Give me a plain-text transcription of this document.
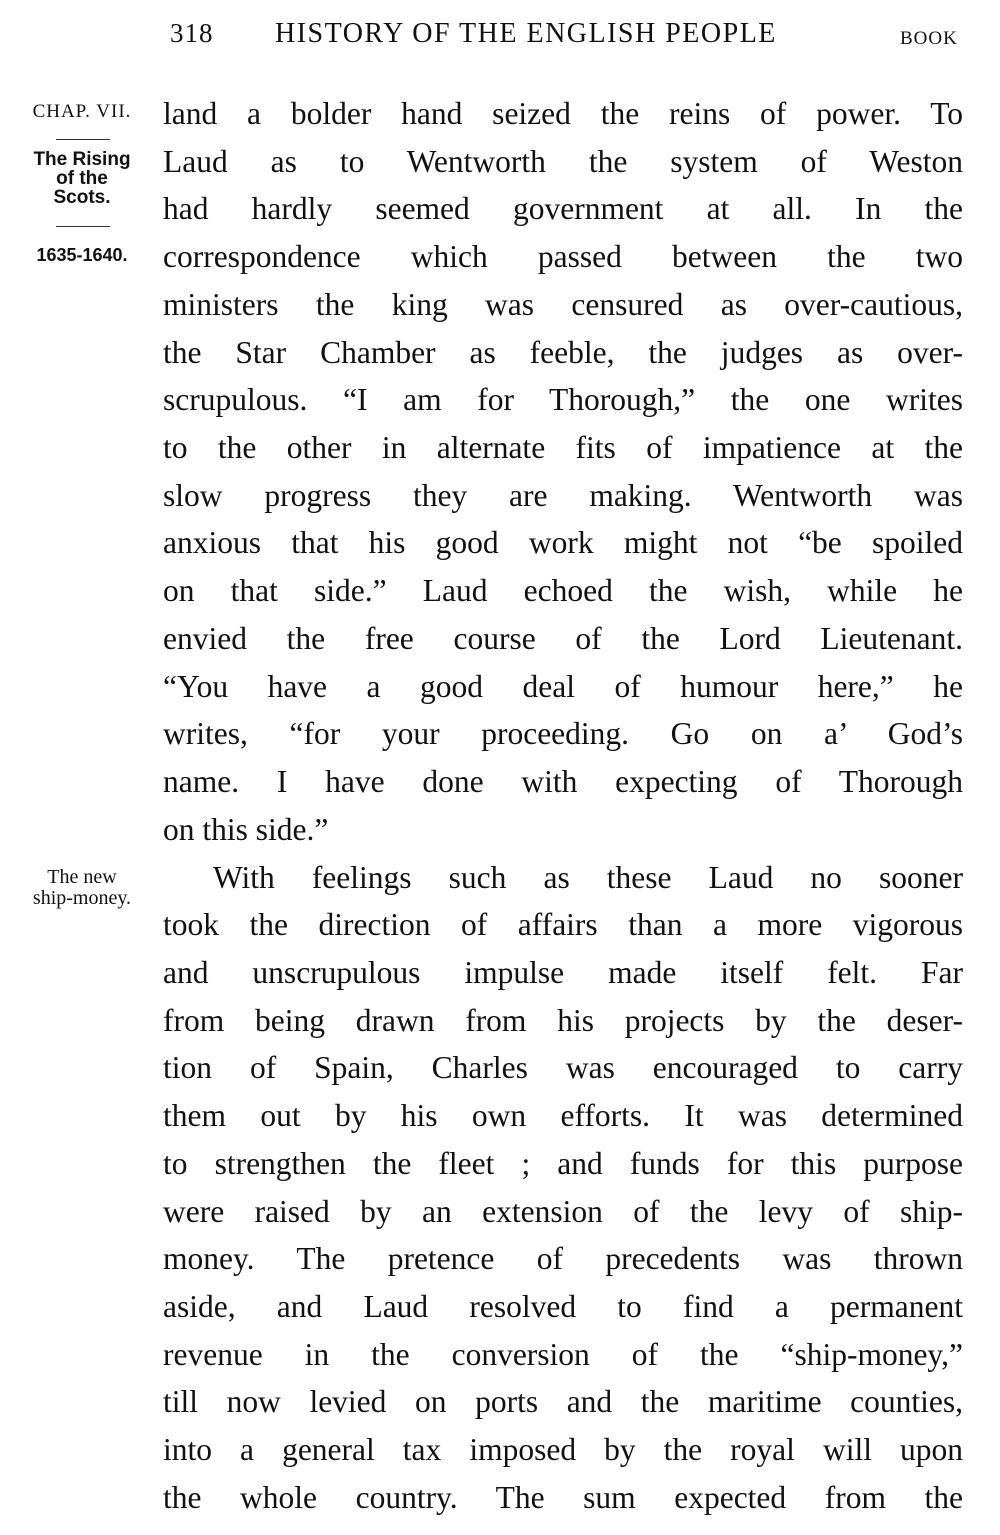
318 HISTORY OF THE ENGLISH PEOPLE	BOOK
CHAP. VII.
The Rising
of the
Scots.
1635-1640.
The new
ship-money.
land a bolder hand seized the reins of power. To
Laud as to Wentworth the system of Weston
had hardly seemed government at all. In the
correspondence which passed between the two
ministers the king was censured as over-cautious,
the Star Chamber as feeble, the judges as over-
scrupulous. “I am for Thorough,” the one writes
to the other in alternate fits of impatience at the
slow progress they are making. Wentworth was
anxious that his good work might not “be spoiled
on that side.” Laud echoed the wish, while he
envied the free course of the Lord Lieutenant.
“You have a good deal of humour here,” he
writes, “for your proceeding. Go on a’ God’s
name. I have done with expecting of Thorough
on this side.”
With feelings such as these Laud no sooner
took the direction of affairs than a more vigorous
and unscrupulous impulse made itself felt. Far
from being drawn from his projects by the deser-
tion of Spain, Charles was encouraged to carry
them out by his own efforts. It was determined
to strengthen the fleet ; and funds for this purpose
were raised by an extension of the levy of ship-
money. The pretence of precedents was thrown
aside, and Laud resolved to find a permanent
revenue in the conversion of the “ship-money,”
till now levied on ports and the maritime counties,
into a general tax imposed by the royal will upon
the whole country. The sum expected from the
